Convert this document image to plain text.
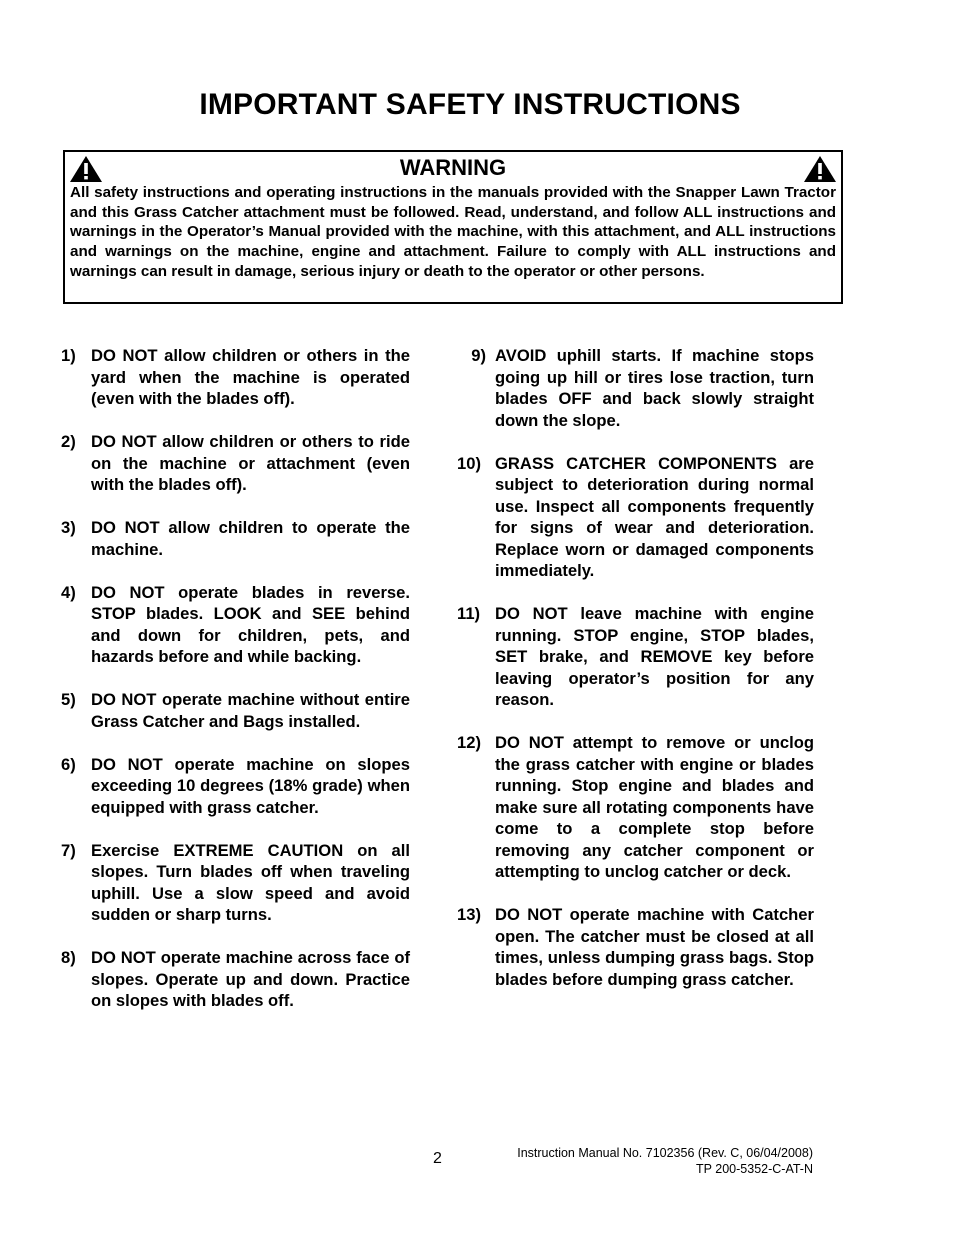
IMPORTANT SAFETY INSTRUCTIONS
WARNING
All safety instructions and operating instructions in the manuals provided with the Snapper Lawn Tractor and this Grass Catcher attachment must be followed. Read, understand, and follow ALL instructions and warnings in the Operator’s Manual provided with the machine, with this attachment, and ALL instructions and warnings on the machine, engine and attachment. Failure to comply with ALL instructions and warnings can result in damage, serious injury or death to the operator or other persons.
1) DO NOT allow children or others in the yard when the machine is operated (even with the blades off).
2) DO NOT allow children or others to ride on the machine or attachment (even with the blades off).
3) DO NOT allow children to operate the machine.
4) DO NOT operate blades in reverse. STOP blades. LOOK and SEE behind and down for children, pets, and hazards before and while backing.
5) DO NOT operate machine without entire Grass Catcher and Bags installed.
6) DO NOT operate machine on slopes exceeding 10 degrees (18% grade) when equipped with grass catcher.
7) Exercise EXTREME CAUTION on all slopes. Turn blades off when traveling uphill. Use a slow speed and avoid sudden or sharp turns.
8) DO NOT operate machine across face of slopes. Operate up and down. Practice on slopes with blades off.
9) AVOID uphill starts. If machine stops going up hill or tires lose traction, turn blades OFF and back slowly straight down the slope.
10) GRASS CATCHER COMPONENTS are subject to deterioration during normal use. Inspect all components frequently for signs of wear and deterioration. Replace worn or damaged components immediately.
11) DO NOT leave machine with engine running. STOP engine, STOP blades, SET brake, and REMOVE key before leaving operator’s position for any reason.
12) DO NOT attempt to remove or unclog the grass catcher with engine or blades running. Stop engine and blades and make sure all rotating components have come to a complete stop before removing any catcher component or attempting to unclog catcher or deck.
13) DO NOT operate machine with Catcher open. The catcher must be closed at all times, unless dumping grass bags. Stop blades before dumping grass catcher.
2	Instruction Manual No. 7102356 (Rev. C, 06/04/2008)
TP 200-5352-C-AT-N
